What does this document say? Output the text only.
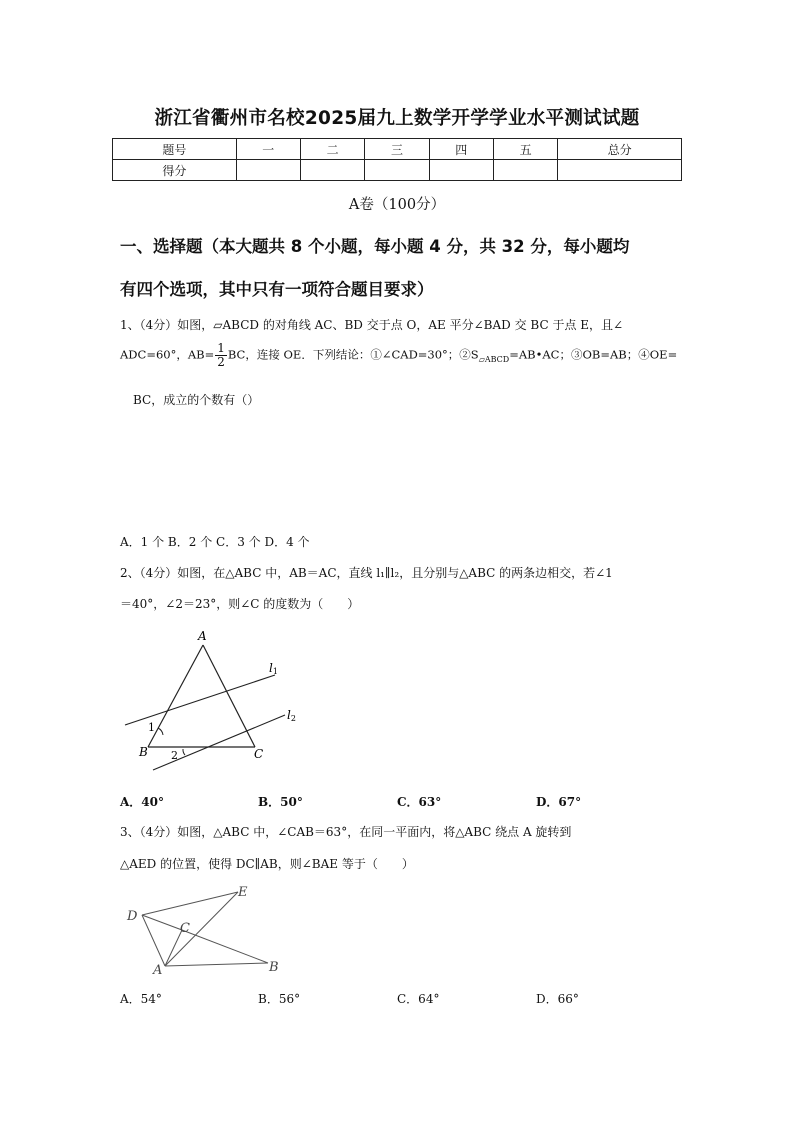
浙江省衢州市名校2025届九上数学开学学业水平测试试题
题号	一	二	三	四	五	总分
得分						
A卷（100分）
一、选择题（本大题共 8 个小题，每小题 4 分，共 32 分，每小题均
有四个选项，其中只有一项符合题目要求）
1、（4分）如图，▱ABCD 的对角线 AC、BD 交于点 O，AE 平分∠BAD 交 BC 于点 E，且∠
ADC=60°，$AB= \frac{1}{2}$ BC，连接 OE．下列结论：①∠CAD=30°；$②S_{▱ABCD}=AB•AC$；③OB=AB；④OE=
BC，成立的个数有（）
A．1 个 B．2 个 C．3 个 D．4 个
2、（4分）如图，在△ABC 中，AB＝AC，直线 l₁∥l₂，且分别与△ABC 的两条边相交，若∠1
＝40°，∠2＝23°，则∠C 的度数为（　　）
A
B	C
l1
l2
1
2
A．40°	B．50°	C．63°	D．67°
3、（4分）如图，△ABC 中，∠CAB＝63°，在同一平面内，将△ABC 绕点 A 旋转到
△AED 的位置，使得 DC∥AB，则∠BAE 等于（　　）
A	B
C
D
E
A．54°	B．56°	C．64°	D．66°
